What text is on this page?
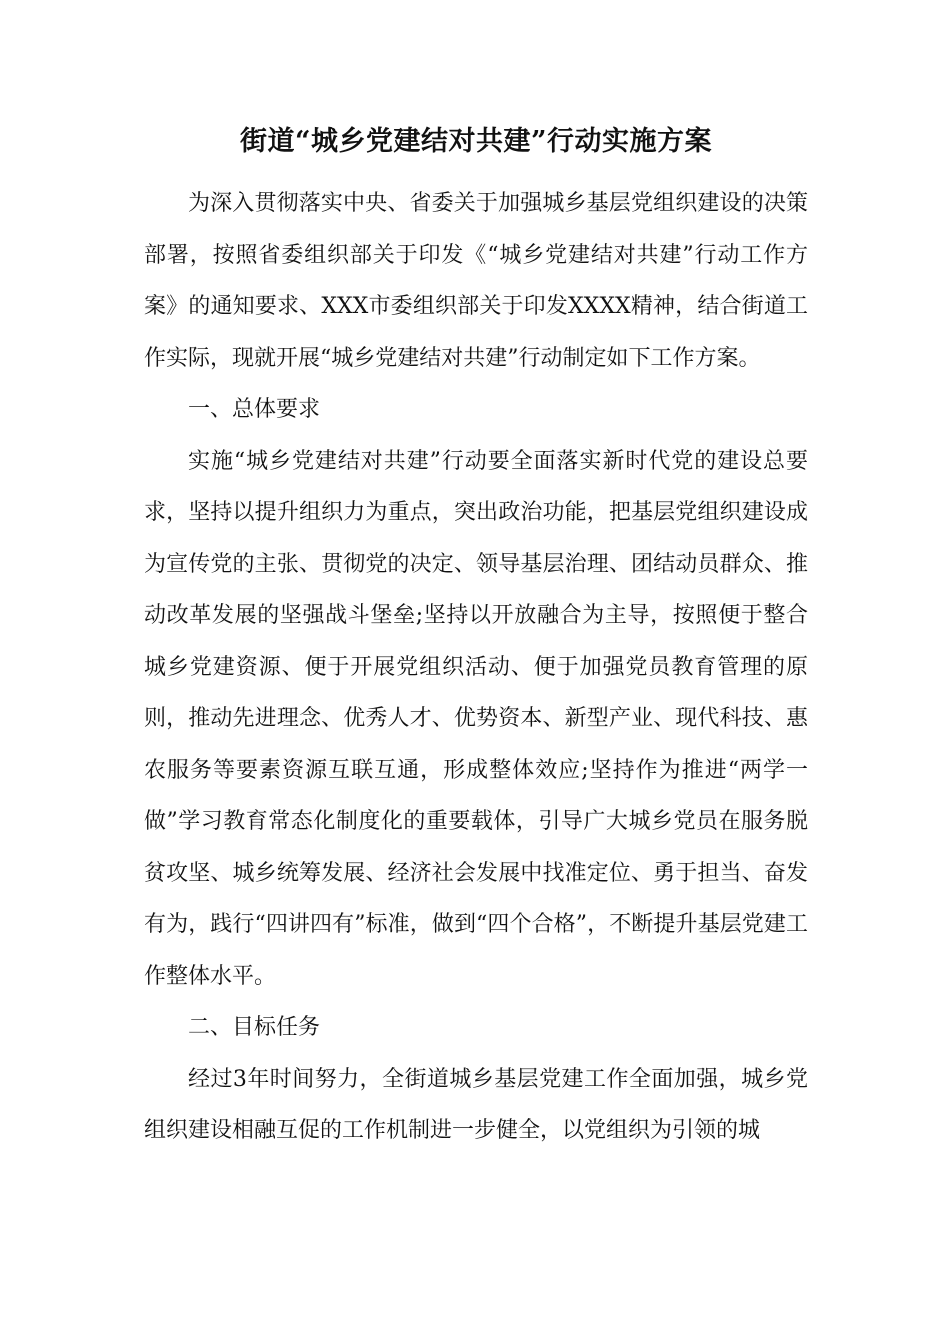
街道“城乡党建结对共建”行动实施方案

为深入贯彻落实中央、省委关于加强城乡基层党组织建设的决策部署，按照省委组织部关于印发《“城乡党建结对共建”行动工作方案》的通知要求、XXX市委组织部关于印发XXXX精神，结合街道工作实际，现就开展“城乡党建结对共建”行动制定如下工作方案。

一、总体要求

实施“城乡党建结对共建”行动要全面落实新时代党的建设总要求，坚持以提升组织力为重点，突出政治功能，把基层党组织建设成为宣传党的主张、贯彻党的决定、领导基层治理、团结动员群众、推动改革发展的坚强战斗堡垒;坚持以开放融合为主导，按照便于整合城乡党建资源、便于开展党组织活动、便于加强党员教育管理的原则，推动先进理念、优秀人才、优势资本、新型产业、现代科技、惠农服务等要素资源互联互通，形成整体效应;坚持作为推进“两学一做”学习教育常态化制度化的重要载体，引导广大城乡党员在服务脱贫攻坚、城乡统筹发展、经济社会发展中找准定位、勇于担当、奋发有为，践行“四讲四有”标准，做到“四个合格”，不断提升基层党建工作整体水平。

二、目标任务

经过3年时间努力，全街道城乡基层党建工作全面加强，城乡党组织建设相融互促的工作机制进一步健全，以党组织为引领的城
